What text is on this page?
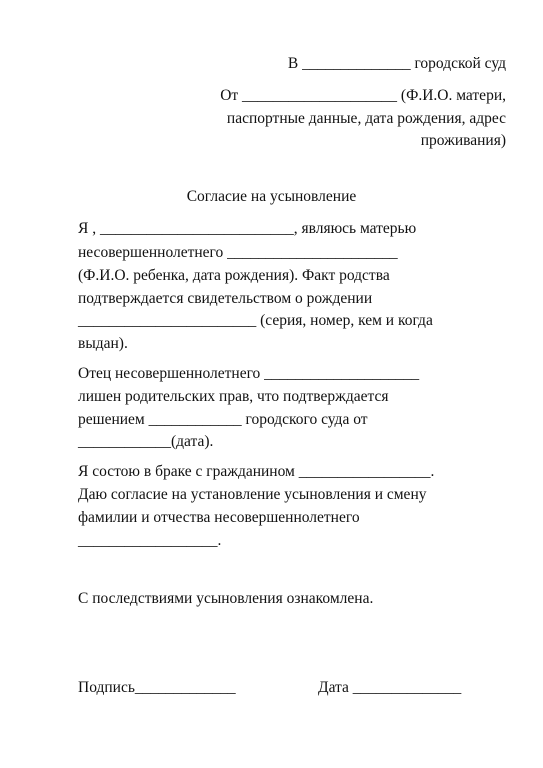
В ______________ городской суд
От ____________________ (Ф.И.О. матери,
паспортные данные, дата рождения, адрес
проживания)
Согласие на усыновление
Я , _________________________, являюсь матерью
несовершеннолетнего ______________________
(Ф.И.О. ребенка, дата рождения). Факт родства
подтверждается свидетельством о рождении
_______________________ (серия, номер, кем и когда
выдан).
Отец несовершеннолетнего ____________________
лишен родительских прав, что подтверждается
решением ____________ городского суда от
____________(дата).
Я состою в браке с гражданином _________________.
Даю согласие на установление усыновления и смену
фамилии и отчества несовершеннолетнего
__________________.
С последствиями усыновления ознакомлена.
Подпись_____________	Дата ______________
